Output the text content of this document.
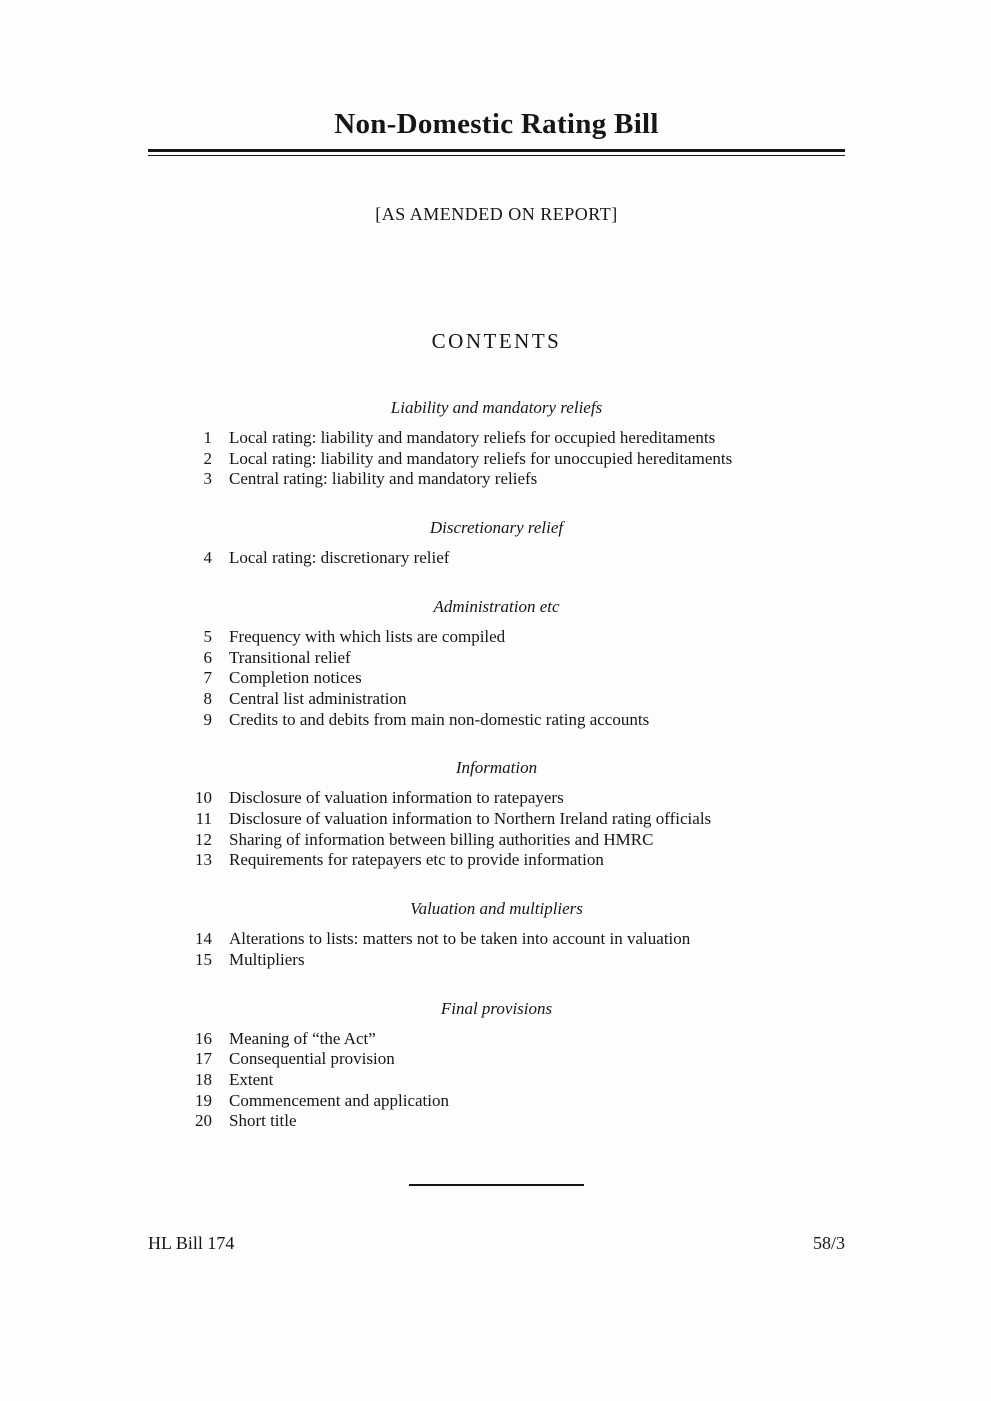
Non-Domestic Rating Bill
[AS AMENDED ON REPORT]
CONTENTS
Liability and mandatory reliefs
1	Local rating: liability and mandatory reliefs for occupied hereditaments
2	Local rating: liability and mandatory reliefs for unoccupied hereditaments
3	Central rating: liability and mandatory reliefs
Discretionary relief
4	Local rating: discretionary relief
Administration etc
5	Frequency with which lists are compiled
6	Transitional relief
7	Completion notices
8	Central list administration
9	Credits to and debits from main non-domestic rating accounts
Information
10	Disclosure of valuation information to ratepayers
11	Disclosure of valuation information to Northern Ireland rating officials
12	Sharing of information between billing authorities and HMRC
13	Requirements for ratepayers etc to provide information
Valuation and multipliers
14	Alterations to lists: matters not to be taken into account in valuation
15	Multipliers
Final provisions
16	Meaning of “the Act”
17	Consequential provision
18	Extent
19	Commencement and application
20	Short title
HL Bill 174	58/3
